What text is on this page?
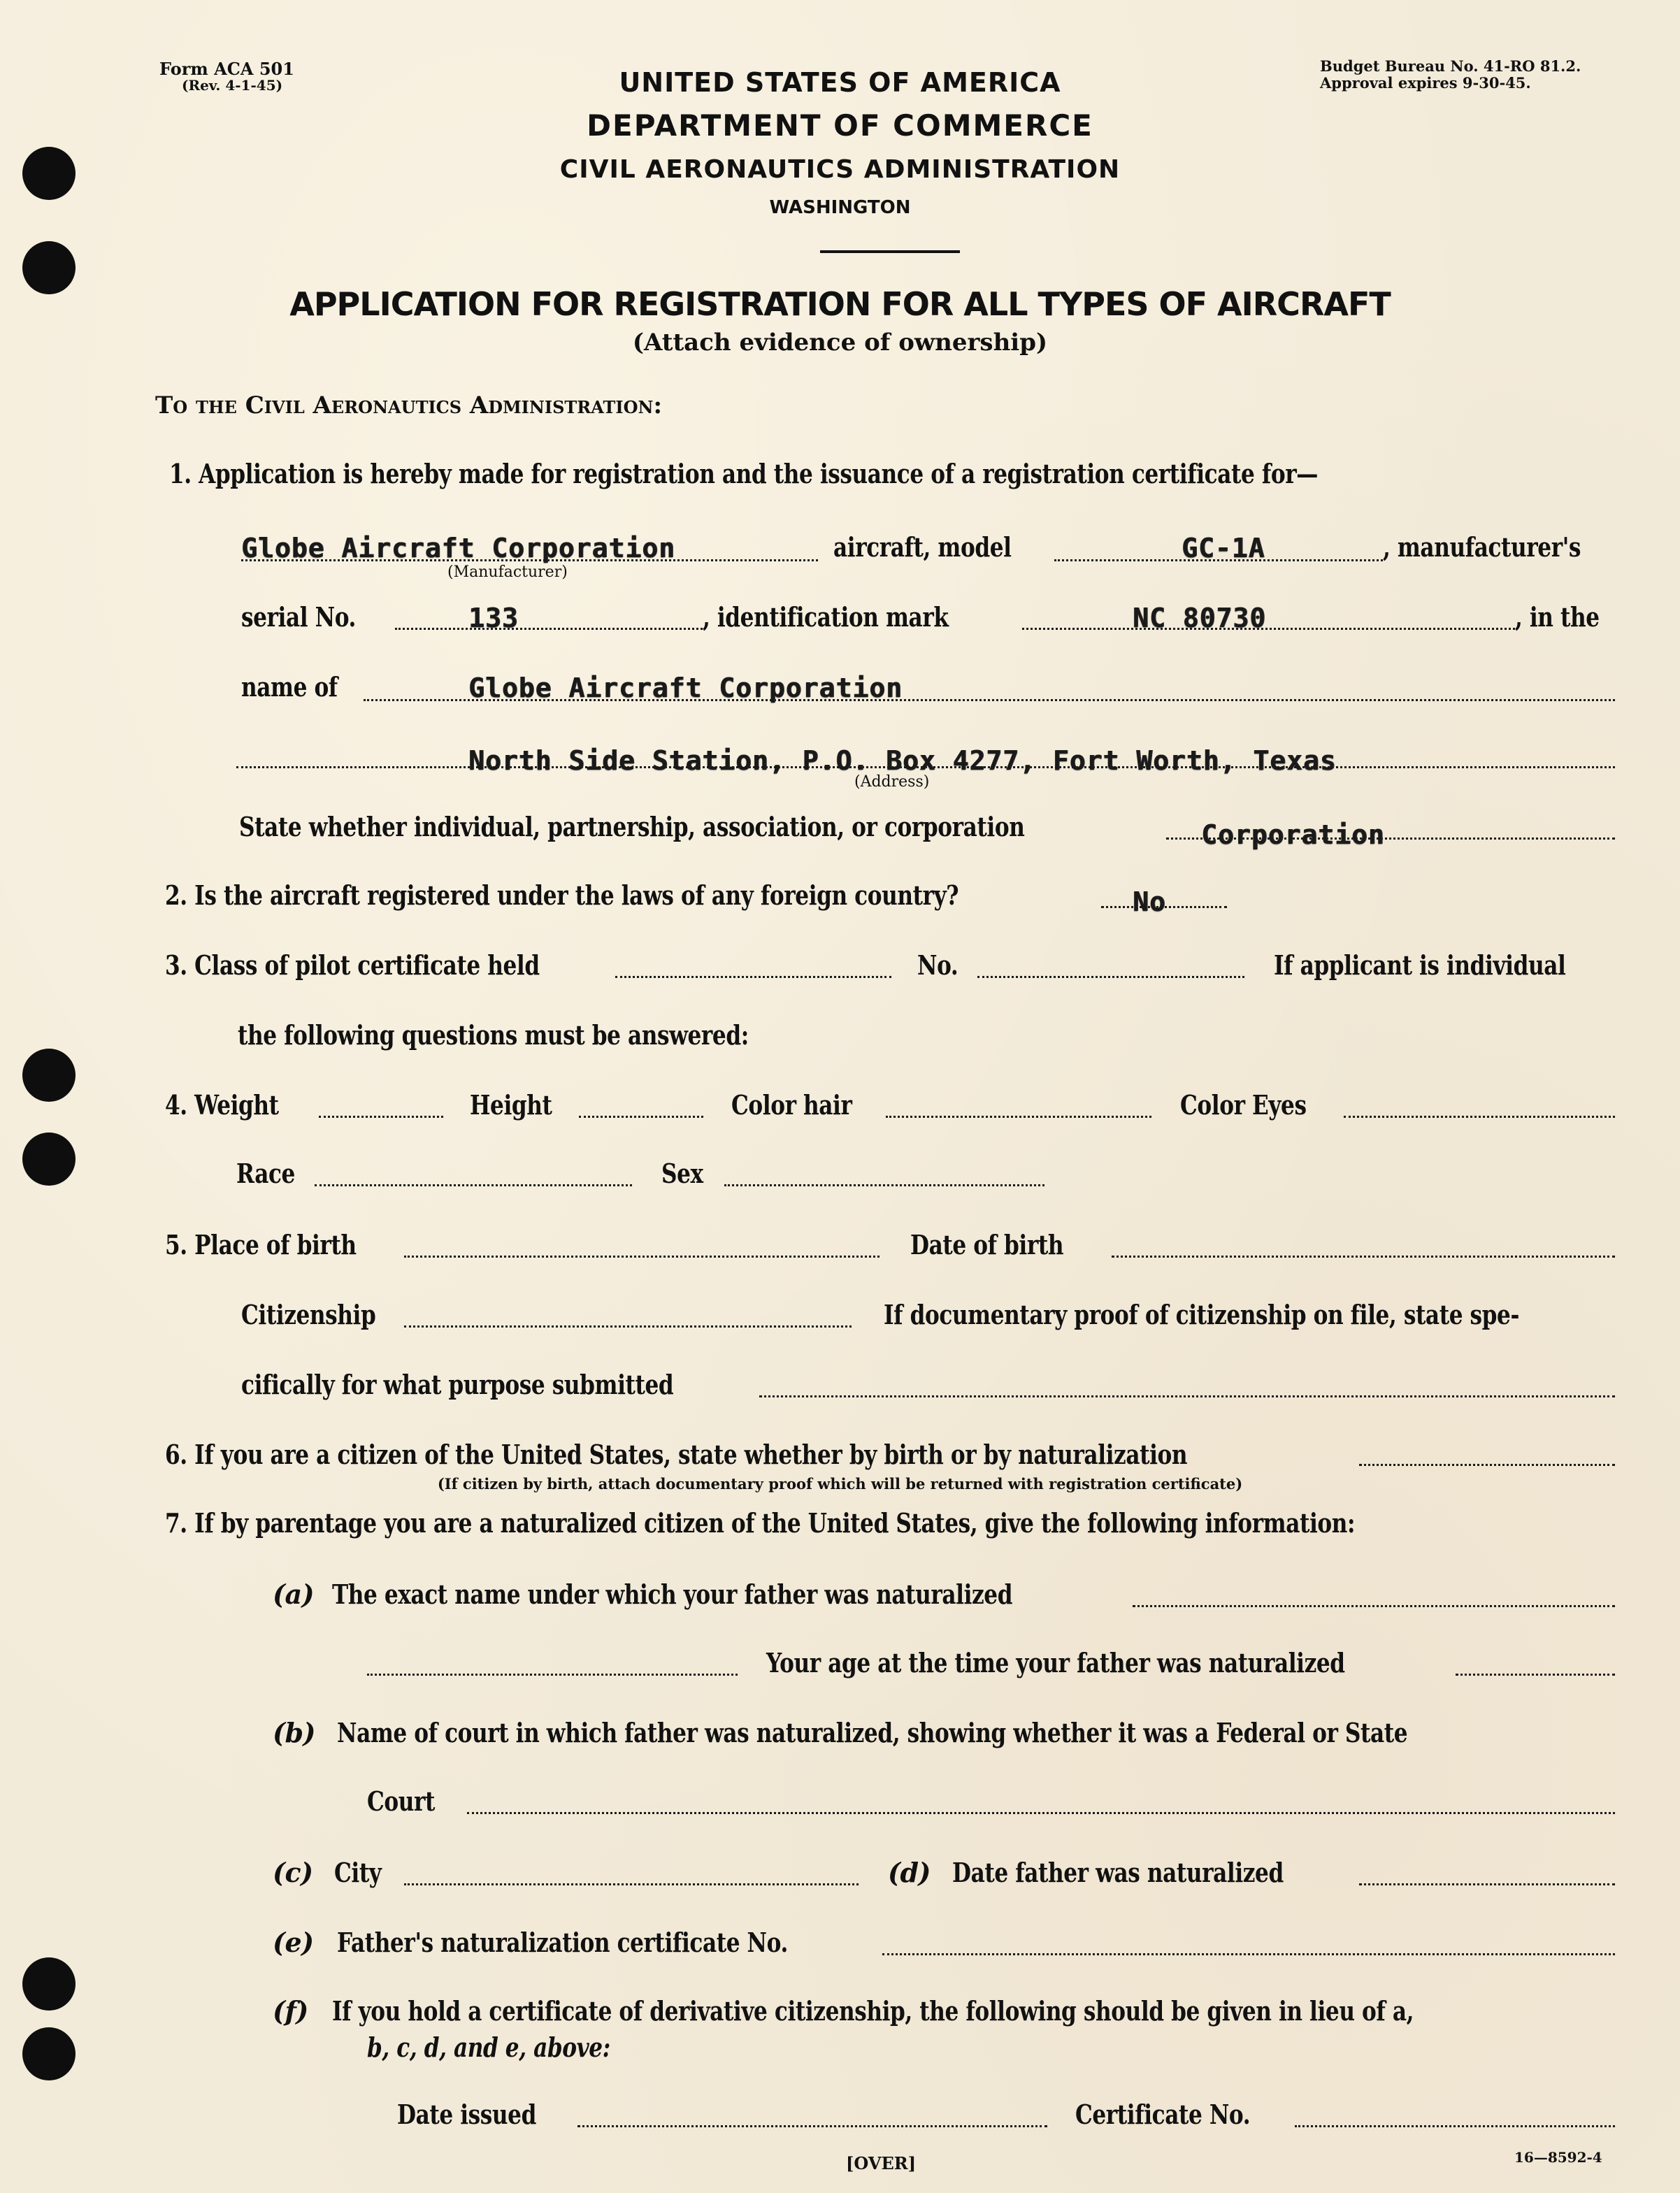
Form ACA 501
(Rev. 4-1-45)
Budget Bureau No. 41-RO 81.2.
Approval expires 9-30-45.
UNITED STATES OF AMERICA
DEPARTMENT OF COMMERCE
CIVIL AERONAUTICS ADMINISTRATION
WASHINGTON
APPLICATION FOR REGISTRATION FOR ALL TYPES OF AIRCRAFT
(Attach evidence of ownership)
To the Civil Aeronautics Administration:
1. Application is hereby made for registration and the issuance of a registration certificate for—
Globe Aircraft Corporation
(Manufacturer)
aircraft, model	GC-1A	, manufacturer's
serial No.	133	, identification mark	NC 80730	, in the
name of	Globe Aircraft Corporation
North Side Station, P.O. Box 4277, Fort Worth, Texas
(Address)
State whether individual, partnership, association, or corporation	Corporation
2. Is the aircraft registered under the laws of any foreign country?	No
3. Class of pilot certificate held	No.	If applicant is individual
the following questions must be answered:
4. Weight	Height	Color hair	Color Eyes
Race	Sex
5. Place of birth	Date of birth
Citizenship	If documentary proof of citizenship on file, state spe-
cifically for what purpose submitted
6. If you are a citizen of the United States, state whether by birth or by naturalization
(If citizen by birth, attach documentary proof which will be returned with registration certificate)
7. If by parentage you are a naturalized citizen of the United States, give the following information:
(a) The exact name under which your father was naturalized
Your age at the time your father was naturalized
(b) Name of court in which father was naturalized, showing whether it was a Federal or State
Court
(c) City	(d) Date father was naturalized
(e) Father's naturalization certificate No.
(f) If you hold a certificate of derivative citizenship, the following should be given in lieu of a,
b, c, d, and e, above:
Date issued	Certificate No.
[OVER]	16—8592-4
